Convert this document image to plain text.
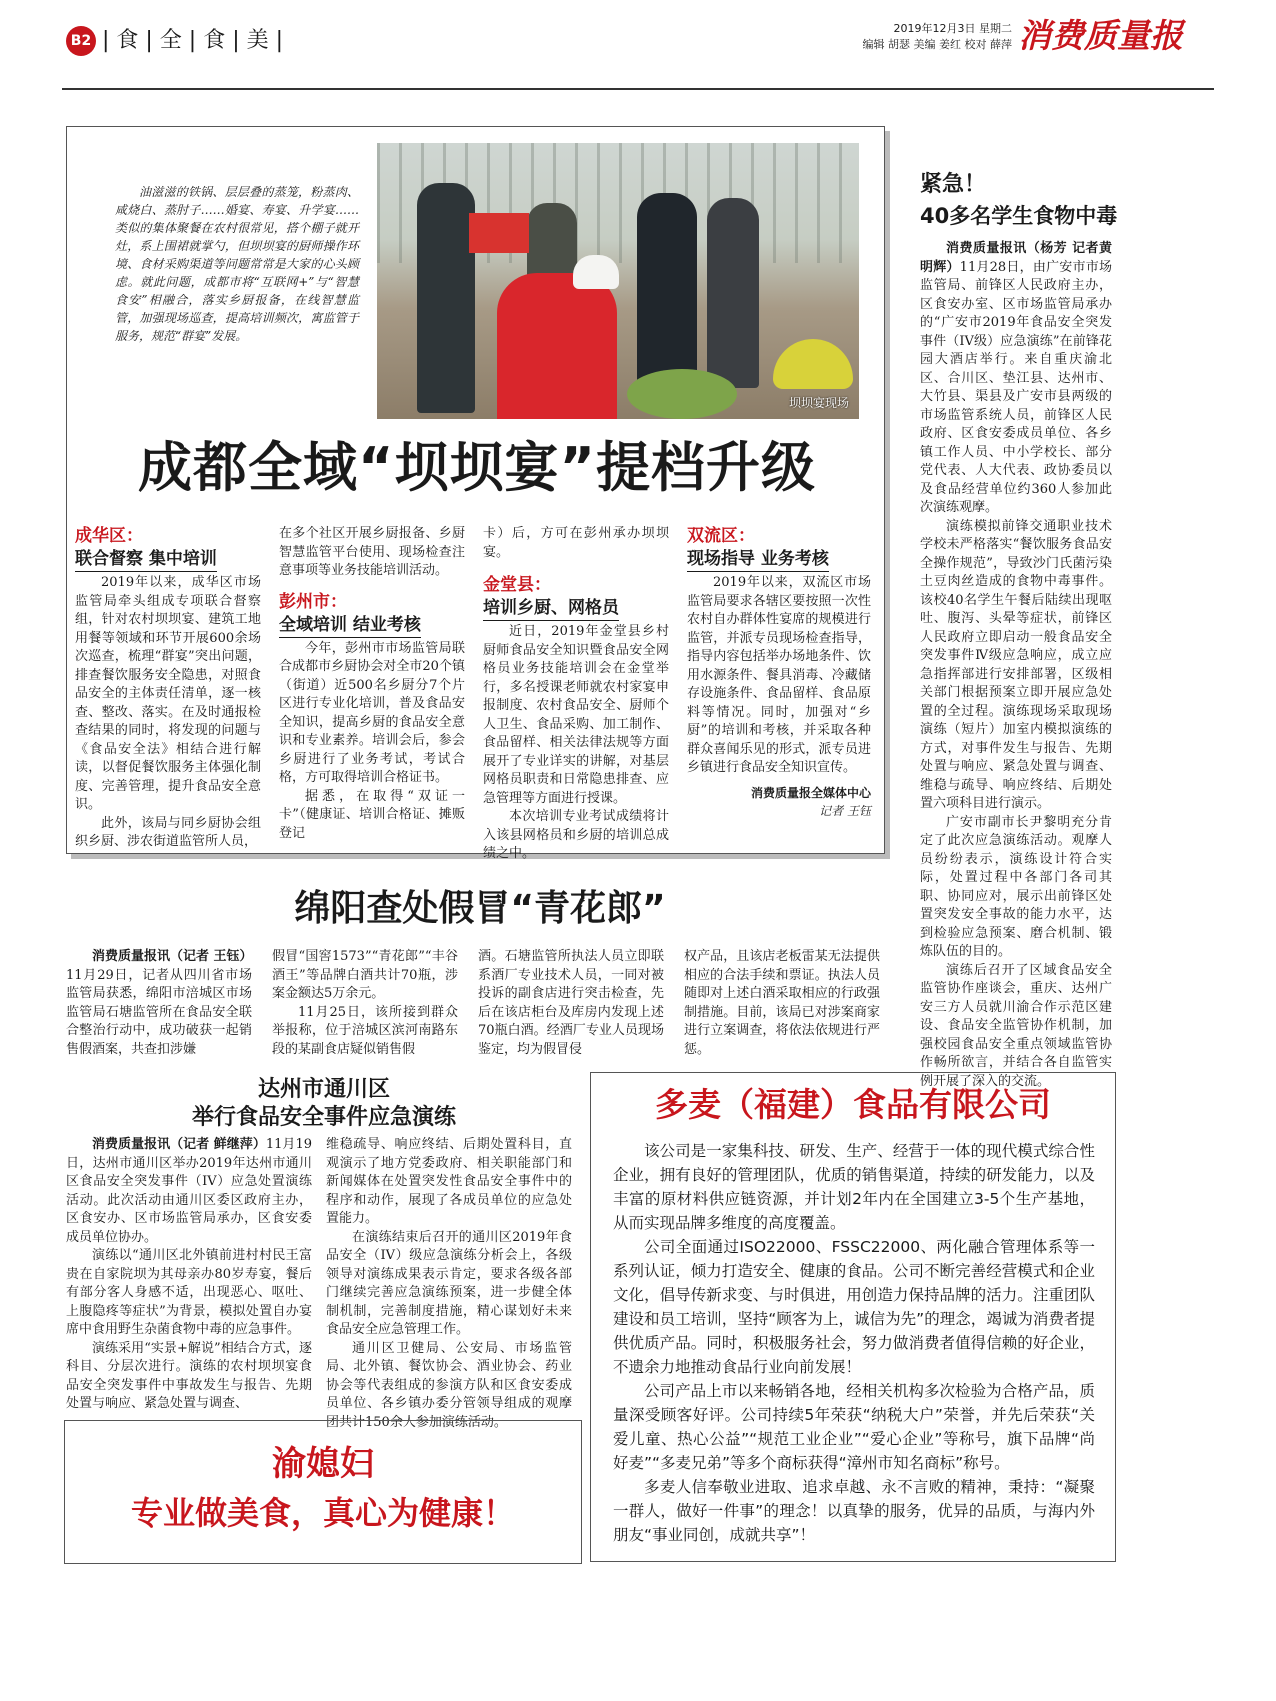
B2 | 食 | 全 | 食 | 美 |	2019年12月3日 星期二
编辑 胡瑟 美编 姜红 校对 薛萍 消费质量报

油滋滋的铁锅、层层叠的蒸笼，粉蒸肉、咸烧白、蒸肘子……婚宴、寿宴、升学宴……类似的集体聚餐在农村很常见，搭个棚子就开灶，系上围裙就掌勺，但坝坝宴的厨师操作环境、食材采购渠道等问题常常是大家的心头顾虑。就此问题，成都市将“互联网+”与“智慧食安”相融合，落实乡厨报备，在线智慧监管，加强现场巡查，提高培训频次，寓监管于服务，规范“群宴”发展。

坝坝宴现场
成都全域“坝坝宴”提档升级
成华区：
联合督察 集中培训

2019年以来，成华区市场监管局牵头组成专项联合督察组，针对农村坝坝宴、建筑工地用餐等领域和环节开展600余场次巡查，梳理“群宴”突出问题，排查餐饮服务安全隐患，对照食品安全的主体责任清单，逐一核查、整改、落实。在及时通报检查结果的同时，将发现的问题与《食品安全法》相结合进行解读，以督促餐饮服务主体强化制度、完善管理，提升食品安全意识。

此外，该局与同乡厨协会组织乡厨、涉农街道监管所人员，

在多个社区开展乡厨报备、乡厨智慧监管平台使用、现场检查注意事项等业务技能培训活动。

彭州市：
全域培训 结业考核

今年，彭州市市场监管局联合成都市乡厨协会对全市20个镇（街道）近500名乡厨分7个片区进行专业化培训，普及食品安全知识，提高乡厨的食品安全意识和专业素养。培训会后，参会乡厨进行了业务考试，考试合格，方可取得培训合格证书。

据悉，在取得“双证一卡”（健康证、培训合格证、摊贩登记

卡）后，方可在彭州承办坝坝宴。

金堂县：
培训乡厨、网格员

近日，2019年金堂县乡村厨师食品安全知识暨食品安全网格员业务技能培训会在金堂举行，多名授课老师就农村家宴申报制度、农村食品安全、厨师个人卫生、食品采购、加工制作、食品留样、相关法律法规等方面展开了专业详实的讲解，对基层网格员职责和日常隐患排查、应急管理等方面进行授课。

本次培训专业考试成绩将计入该县网格员和乡厨的培训总成绩之中。

双流区：
现场指导 业务考核

2019年以来，双流区市场监管局要求各辖区要按照一次性农村自办群体性宴席的规模进行监管，并派专员现场检查指导，指导内容包括举办场地条件、饮用水源条件、餐具消毒、冷藏储存设施条件、食品留样、食品原料等情况。同时，加强对“乡厨”的培训和考核，并采取各种群众喜闻乐见的形式，派专员进乡镇进行食品安全知识宣传。

消费质量报全媒体中心
记者 王钰
紧急！
40多名学生食物中毒

消费质量报讯（杨芳 记者黄明辉）11月28日，由广安市市场监管局、前锋区人民政府主办，区食安办室、区市场监管局承办的“广安市2019年食品安全突发事件（IV级）应急演练”在前锋花园大酒店举行。来自重庆渝北区、合川区、垫江县、达州市、大竹县、渠县及广安市县两级的市场监管系统人员，前锋区人民政府、区食安委成员单位、各乡镇工作人员、中小学校长、部分党代表、人大代表、政协委员以及食品经营单位约360人参加此次演练观摩。

演练模拟前锋交通职业技术学校未严格落实“餐饮服务食品安全操作规范”，导致沙门氏菌污染土豆肉丝造成的食物中毒事件。该校40名学生午餐后陆续出现呕吐、腹泻、头晕等症状，前锋区人民政府立即启动一般食品安全突发事件Ⅳ级应急响应，成立应急指挥部进行安排部署，区级相关部门根据预案立即开展应急处置的全过程。演练现场采取现场演练（短片）加室内模拟演练的方式，对事件发生与报告、先期处置与响应、紧急处置与调查、维稳与疏导、响应终结、后期处置六项科目进行演示。

广安市副市长尹黎明充分肯定了此次应急演练活动。观摩人员纷纷表示，演练设计符合实际，处置过程中各部门各司其职、协同应对，展示出前锋区处置突发安全事故的能力水平，达到检验应急预案、磨合机制、锻炼队伍的目的。

演练后召开了区域食品安全监管协作座谈会，重庆、达州广安三方人员就川渝合作示范区建设、食品安全监管协作机制，加强校园食品安全重点领域监管协作畅所欲言，并结合各自监管实例开展了深入的交流。

绵阳查处假冒“青花郎”

消费质量报讯（记者 王钰）11月29日，记者从四川省市场监管局获悉，绵阳市涪城区市场监管局石塘监管所在食品安全联合整治行动中，成功破获一起销售假酒案，共查扣涉嫌

假冒“国窖1573”“青花郎”“丰谷酒王”等品牌白酒共计70瓶，涉案金额达5万余元。

11月25日，该所接到群众举报称，位于涪城区滨河南路东段的某副食店疑似销售假

酒。石塘监管所执法人员立即联系酒厂专业技术人员，一同对被投诉的副食店进行突击检查，先后在该店柜台及库房内发现上述70瓶白酒。经酒厂专业人员现场鉴定，均为假冒侵

权产品，且该店老板雷某无法提供相应的合法手续和票证。执法人员随即对上述白酒采取相应的行政强制措施。目前，该局已对涉案商家进行立案调查，将依法依规进行严惩。

达州市通川区
举行食品安全事件应急演练

消费质量报讯（记者 鲜继萍）11月19日，达州市通川区举办2019年达州市通川区食品安全突发事件（IV）应急处置演练活动。此次活动由通川区委区政府主办，区食安办、区市场监管局承办，区食安委成员单位协办。

演练以“通川区北外镇前进村村民王富贵在自家院坝为其母亲办80岁寿宴，餐后有部分客人身感不适，出现恶心、呕吐、上腹隐疼等症状”为背景，模拟处置自办宴席中食用野生杂菌食物中毒的应急事件。

演练采用“实景+解说”相结合方式，逐科目、分层次进行。演练的农村坝坝宴食品安全突发事件中事故发生与报告、先期处置与响应、紧急处置与调查、

维稳疏导、响应终结、后期处置科目，直观演示了地方党委政府、相关职能部门和新闻媒体在处置突发性食品安全事件中的程序和动作，展现了各成员单位的应急处置能力。

在演练结束后召开的通川区2019年食品安全（IV）级应急演练分析会上，各级领导对演练成果表示肯定，要求各级各部门继续完善应急演练预案，进一步健全体制机制，完善制度措施，精心谋划好未来食品安全应急管理工作。

通川区卫健局、公安局、市场监管局、北外镇、餐饮协会、酒业协会、药业协会等代表组成的参演方队和区食安委成员单位、各乡镇办委分管领导组成的观摩团共计150余人参加演练活动。

渝媳妇
专业做美食，真心为健康！
多麦（福建）食品有限公司

该公司是一家集科技、研发、生产、经营于一体的现代模式综合性企业，拥有良好的管理团队，优质的销售渠道，持续的研发能力，以及丰富的原材料供应链资源，并计划2年内在全国建立3-5个生产基地，从而实现品牌多维度的高度覆盖。

公司全面通过ISO22000、FSSC22000、两化融合管理体系等一系列认证，倾力打造安全、健康的食品。公司不断完善经营模式和企业文化，倡导传新求变、与时俱进，用创造力保持品牌的活力。注重团队建设和员工培训，坚持“顾客为上，诚信为先”的理念，竭诚为消费者提供优质产品。同时，积极服务社会，努力做消费者值得信赖的好企业，不遗余力地推动食品行业向前发展！

公司产品上市以来畅销各地，经相关机构多次检验为合格产品，质量深受顾客好评。公司持续5年荣获“纳税大户”荣誉，并先后荣获“关爱儿童、热心公益”“规范工业企业”“爱心企业”等称号，旗下品牌“尚好麦”“多麦兄弟”等多个商标获得“漳州市知名商标”称号。

多麦人信奉敬业进取、追求卓越、永不言败的精神，秉持：“凝聚一群人，做好一件事”的理念！以真挚的服务，优异的品质，与海内外朋友“事业同创，成就共享”！
